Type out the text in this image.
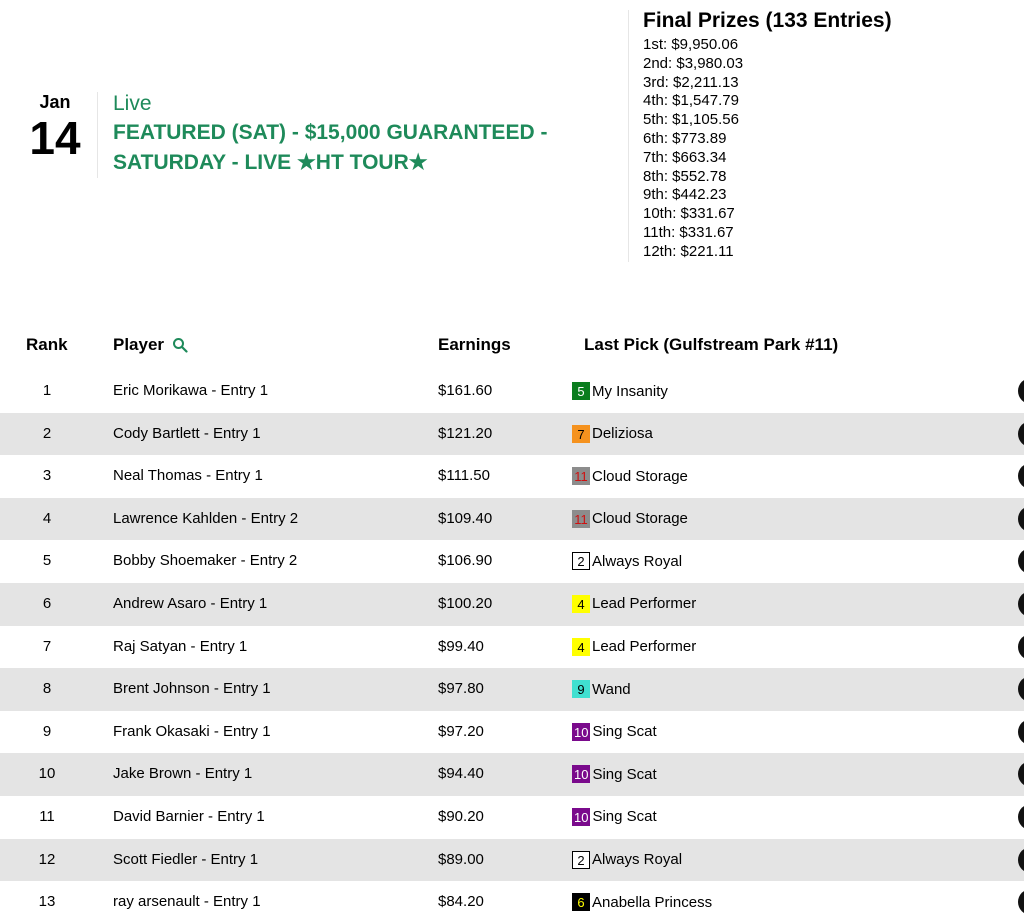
Jan
14
Live
FEATURED (SAT) - $15,000 GUARANTEED -
SATURDAY - LIVE ★HT TOUR★
Final Prizes (133 Entries)
1st: $9,950.06
2nd: $3,980.03
3rd: $2,211.13
4th: $1,547.79
5th: $1,105.56
6th: $773.89
7th: $663.34
8th: $552.78
9th: $442.23
10th: $331.67
11th: $331.67
12th: $221.11
Rank	Player	Earnings	Last Pick (Gulfstream Park #11)
1	Eric Morikawa - Entry 1	$161.60	5 My Insanity
2	Cody Bartlett - Entry 1	$121.20	7 Deliziosa
3	Neal Thomas - Entry 1	$111.50	11 Cloud Storage
4	Lawrence Kahlden - Entry 2	$109.40	11 Cloud Storage
5	Bobby Shoemaker - Entry 2	$106.90	2 Always Royal
6	Andrew Asaro - Entry 1	$100.20	4 Lead Performer
7	Raj Satyan - Entry 1	$99.40	4 Lead Performer
8	Brent Johnson - Entry 1	$97.80	9 Wand
9	Frank Okasaki - Entry 1	$97.20	10 Sing Scat
10	Jake Brown - Entry 1	$94.40	10 Sing Scat
11	David Barnier - Entry 1	$90.20	10 Sing Scat
12	Scott Fiedler - Entry 1	$89.00	2 Always Royal
13	ray arsenault - Entry 1	$84.20	6 Anabella Princess
